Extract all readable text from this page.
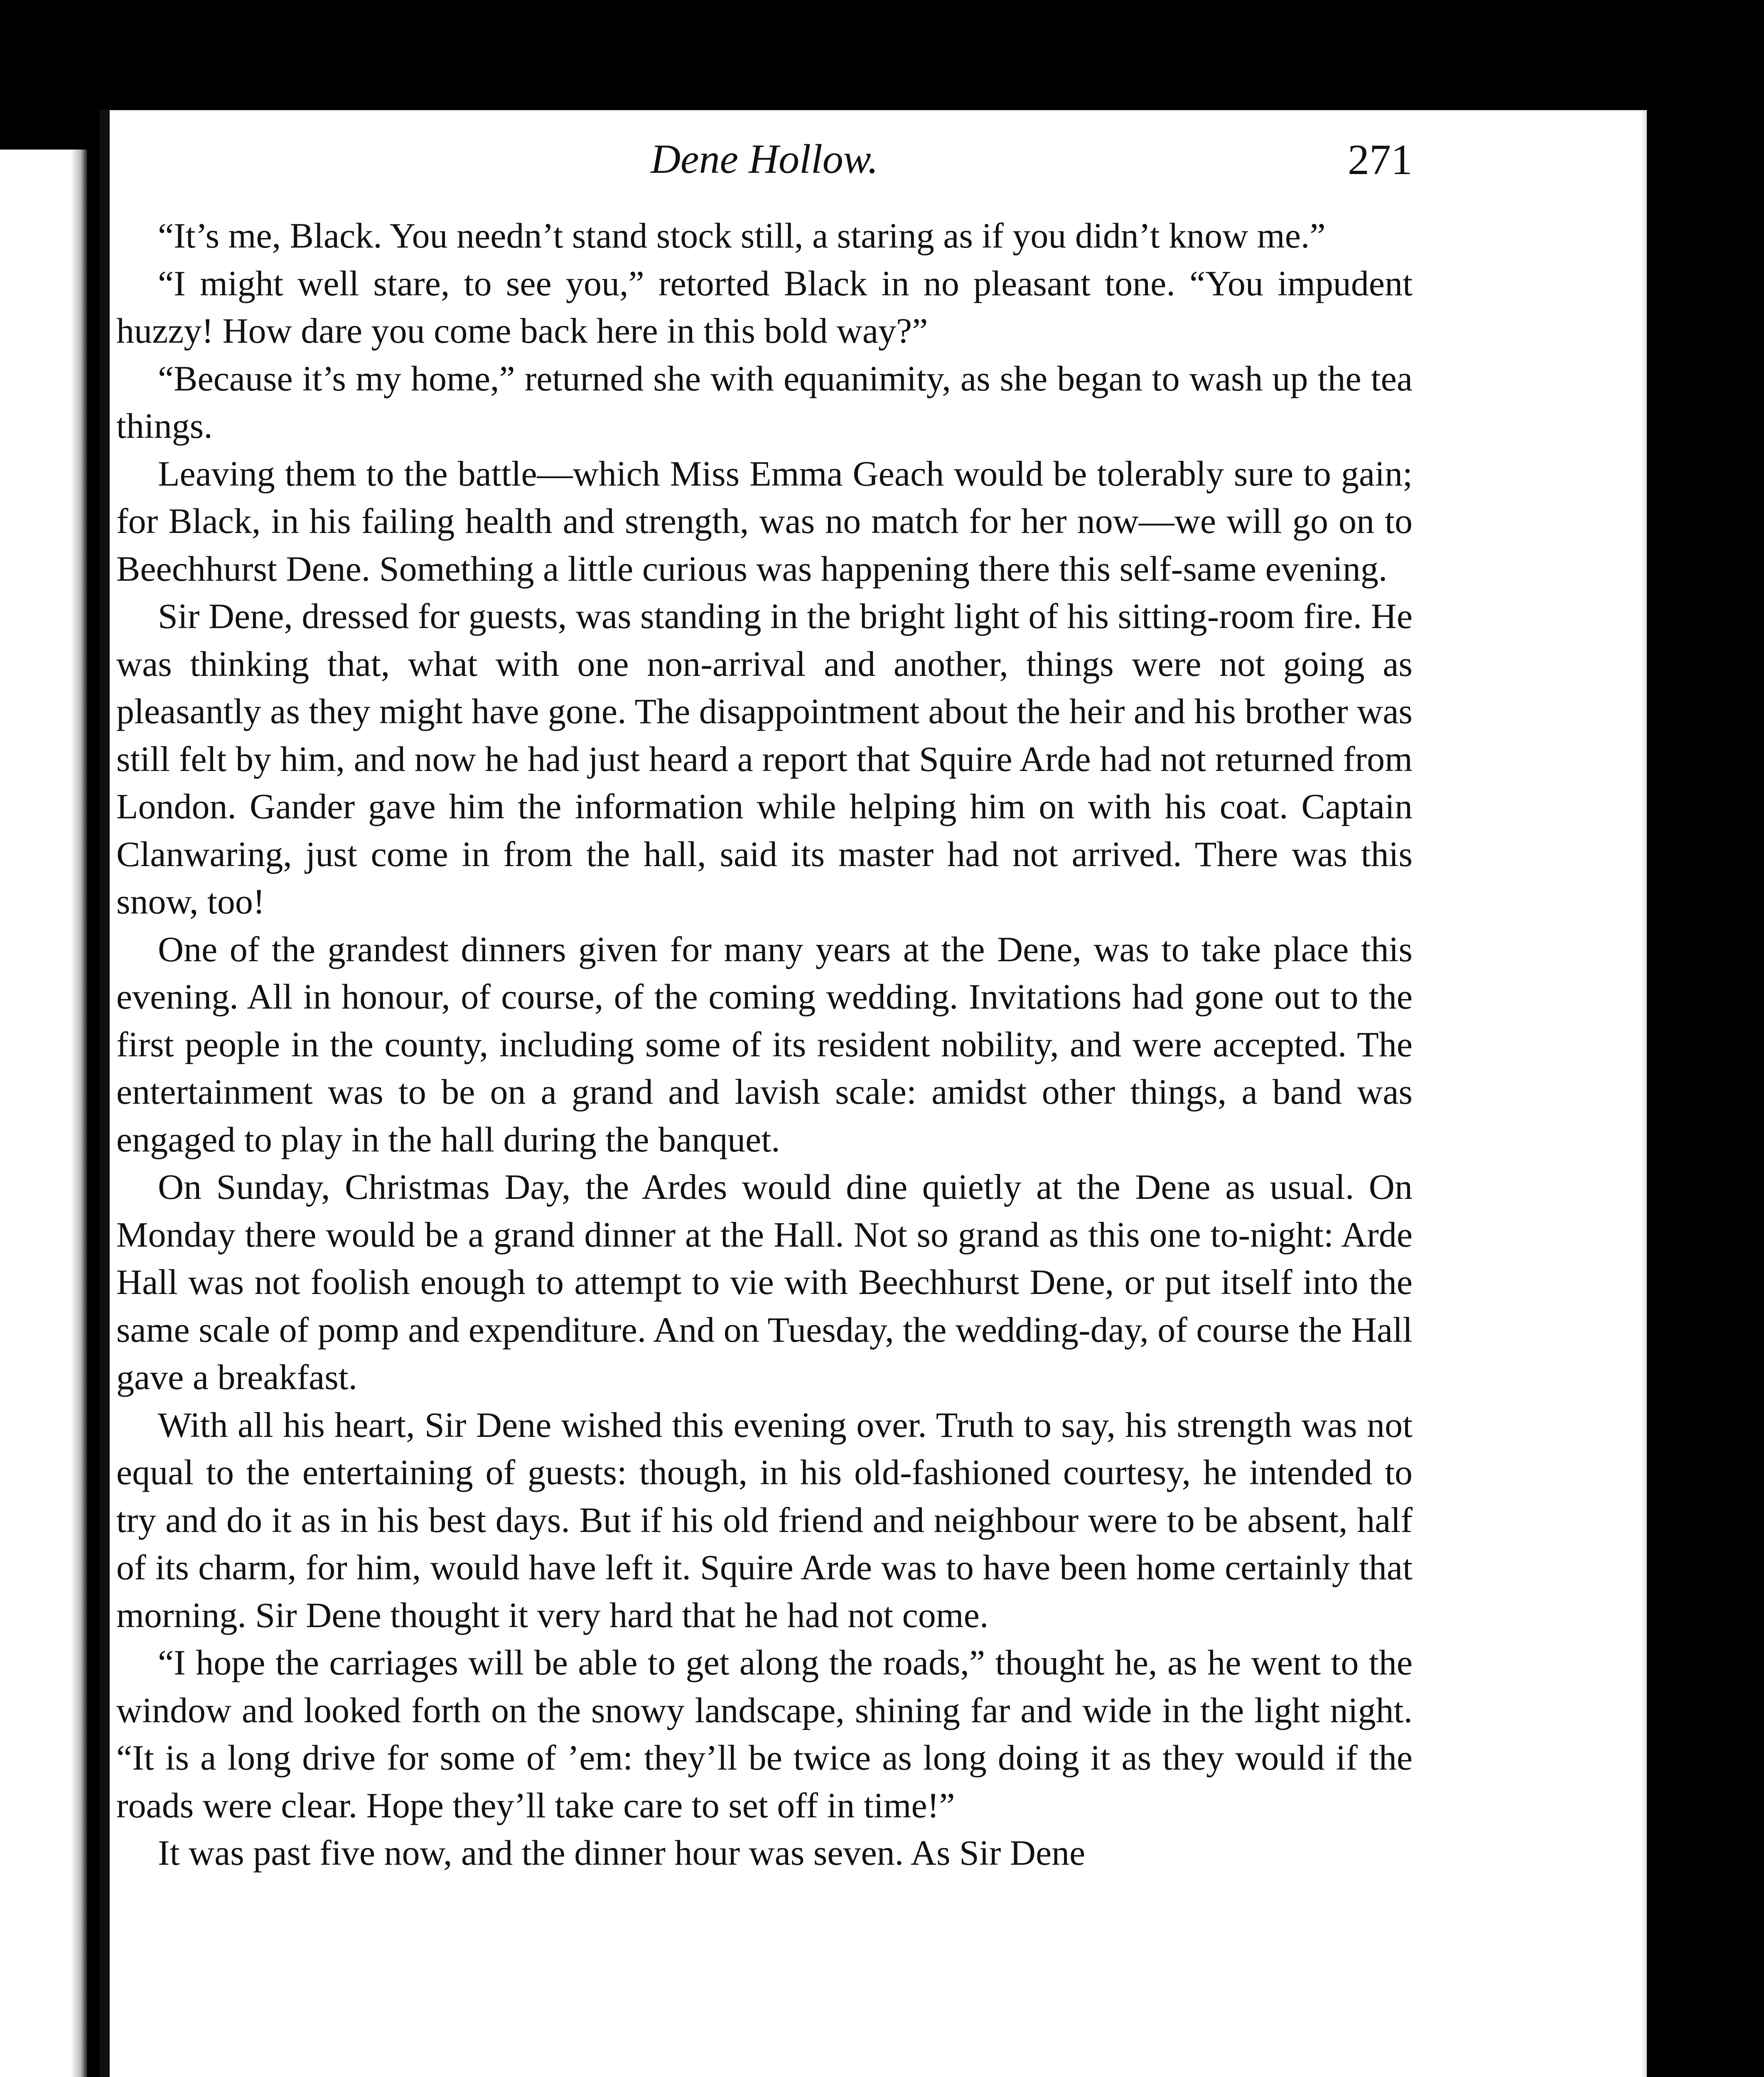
Dene Hollow.	271

“It’s me, Black. You needn’t stand stock still, a staring as if you didn’t know me.”

“I might well stare, to see you,” retorted Black in no pleasant tone. “You impudent huzzy! How dare you come back here in this bold way?”

“Because it’s my home,” returned she with equanimity, as she began to wash up the tea things.

Leaving them to the battle—which Miss Emma Geach would be tolerably sure to gain; for Black, in his failing health and strength, was no match for her now—we will go on to Beechhurst Dene. Something a little curious was happening there this self-same evening.

Sir Dene, dressed for guests, was standing in the bright light of his sitting-room fire. He was thinking that, what with one non-arrival and another, things were not going as pleasantly as they might have gone. The disappointment about the heir and his brother was still felt by him, and now he had just heard a report that Squire Arde had not returned from London. Gander gave him the information while helping him on with his coat. Captain Clanwaring, just come in from the hall, said its master had not arrived. There was this snow, too!

One of the grandest dinners given for many years at the Dene, was to take place this evening. All in honour, of course, of the coming wedding. Invitations had gone out to the first people in the county, including some of its resident nobility, and were accepted. The entertainment was to be on a grand and lavish scale: amidst other things, a band was engaged to play in the hall during the banquet.

On Sunday, Christmas Day, the Ardes would dine quietly at the Dene as usual. On Monday there would be a grand dinner at the Hall. Not so grand as this one to-night: Arde Hall was not foolish enough to attempt to vie with Beechhurst Dene, or put itself into the same scale of pomp and expenditure. And on Tuesday, the wedding-day, of course the Hall gave a breakfast.

With all his heart, Sir Dene wished this evening over. Truth to say, his strength was not equal to the entertaining of guests: though, in his old-fashioned courtesy, he intended to try and do it as in his best days. But if his old friend and neighbour were to be absent, half of its charm, for him, would have left it. Squire Arde was to have been home certainly that morning. Sir Dene thought it very hard that he had not come.

“I hope the carriages will be able to get along the roads,” thought he, as he went to the window and looked forth on the snowy landscape, shining far and wide in the light night. “It is a long drive for some of ’em: they’ll be twice as long doing it as they would if the roads were clear. Hope they’ll take care to set off in time!”

It was past five now, and the dinner hour was seven. As Sir Dene
